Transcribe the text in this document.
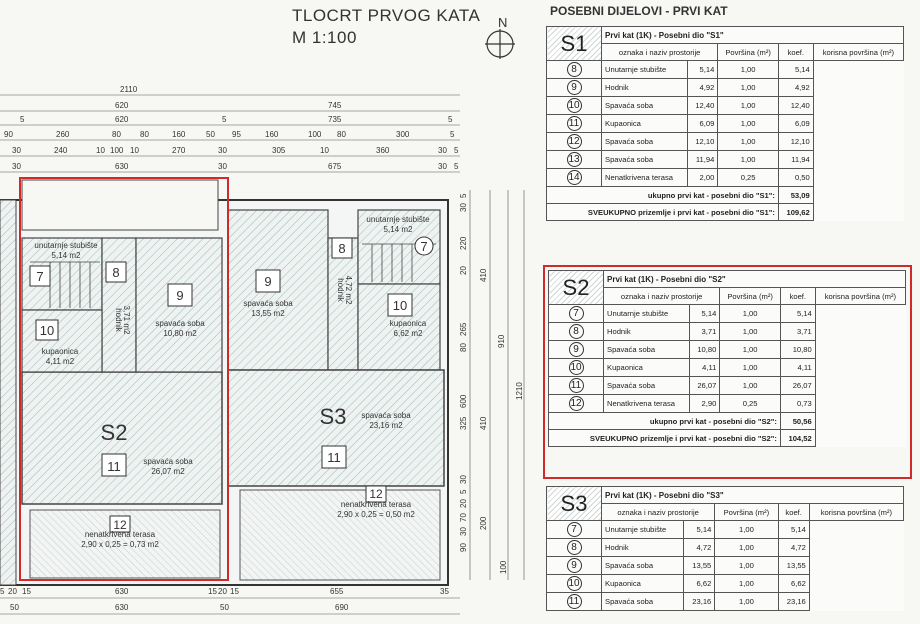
2110
620	745
5	620	5	735	5
90	260	80 80	160	50 95	160	100 80	300	5
30	240	10 100 10	270	30	305	10	360	30 5
30	630	30	675	30 5
5 20 15	630	15 20 15	655	35
50	630	50	690
30
5
220
20
265
80
325
410
30
5
20
70
30
90
200
100
410
910
600
1210
unutarnje stubište
5,14 m2
7	8
hodnik 3,71 m2
9
spavaća soba
10,80 m2
10
kupaonica
4,11 m2
S2
11	spavaća soba
26,07 m2
12
nenatkrivena terasa
2,90 x 0,25 = 0,73 m2
9
spavaća soba
13,55 m2
8
hodnik 4,72 m2
unutarnje stubište
5,14 m2
7
10
kupaonica
6,62 m2
S3 spavaća soba
23,16 m2
11
12
nenatkrivena terasa
2,90 x 0,25 = 0,50 m2
N
TLOCRT PRVOG KATA
M 1:100
POSEBNI DIJELOVI - PRVI KAT
S1	Prvi kat (1K) - Posebni dio "S1"				
	oznaka i naziv prostorije		Površina (m²)	koef.	korisna površina (m²)
8	Unutarnje stubište	5,14	1,00	5,14	
9	Hodnik	4,92	1,00	4,92	
10	Spavaća soba	12,40	1,00	12,40	
11	Kupaonica	6,09	1,00	6,09	
12	Spavaća soba	12,10	1,00	12,10	
13	Spavaća soba	11,94	1,00	11,94	
14	Nenatkrivena terasa	2,00	0,25	0,50	
ukupno prvi kat - posebni dio "S1":				53,09	
SVEUKUPNO prizemlje i prvi kat - posebni dio "S1":				109,62	
S2	Prvi kat (1K) - Posebni dio "S2"				
	oznaka i naziv prostorije		Površina (m²)	koef.	korisna površina (m²)
7	Unutarnje stubište	5,14	1,00	5,14	
8	Hodnik	3,71	1,00	3,71	
9	Spavaća soba	10,80	1,00	10,80	
10	Kupaonica	4,11	1,00	4,11	
11	Spavaća soba	26,07	1,00	26,07	
12	Nenatkrivena terasa	2,90	0,25	0,73	
ukupno prvi kat - posebni dio "S2":				50,56	
SVEUKUPNO prizemlje i prvi kat - posebni dio "S2":				104,52	
S3	Prvi kat (1K) - Posebni dio "S3"				
	oznaka i naziv prostorije		Površina (m²)	koef.	korisna površina (m²)
7	Unutarnje stubište	5,14	1,00	5,14	
8	Hodnik	4,72	1,00	4,72	
9	Spavaća soba	13,55	1,00	13,55	
10	Kupaonica	6,62	1,00	6,62	
11	Spavaća soba	23,16	1,00	23,16	
